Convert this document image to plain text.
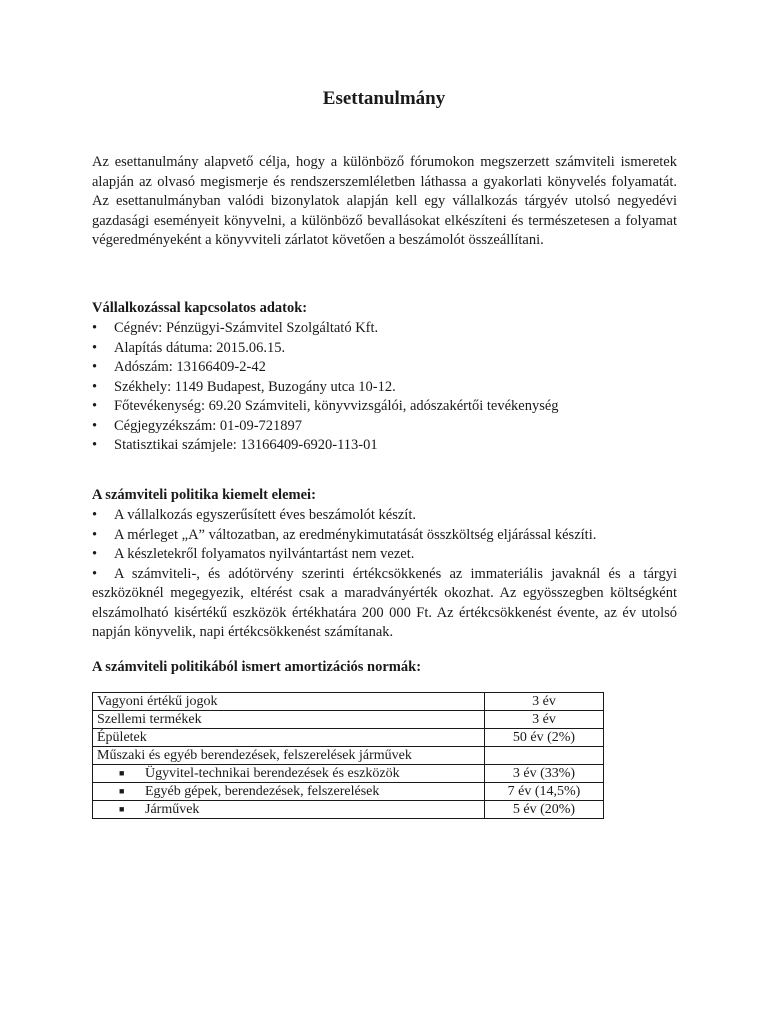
Esettanulmány

Az esettanulmány alapvető célja, hogy a különböző fórumokon megszerzett számviteli ismeretek alapján az olvasó megismerje és rendszerszemléletben láthassa a gyakorlati könyvelés folyamatát. Az esettanulmányban valódi bizonylatok alapján kell egy vállalkozás tárgyév utolsó negyedévi gazdasági eseményeit könyvelni, a különböző bevallásokat elkészíteni és természetesen a folyamat végeredményeként a könyvviteli zárlatot követően a beszámolót összeállítani.

Vállalkozással kapcsolatos adatok:

• Cégnév: Pénzügyi-Számvitel Szolgáltató Kft.
• Alapítás dátuma: 2015.06.15.
• Adószám: 13166409-2-42
• Székhely: 1149 Budapest, Buzogány utca 10-12.
• Főtevékenység: 69.20 Számviteli, könyvvizsgálói, adószakértői tevékenység
• Cégjegyzékszám: 01-09-721897
• Statisztikai számjele: 13166409-6920-113-01

A számviteli politika kiemelt elemei:

• A vállalkozás egyszerűsített éves beszámolót készít.
• A mérleget „A” változatban, az eredménykimutatását összköltség eljárással készíti.
• A készletekről folyamatos nyilvántartást nem vezet.
• A számviteli-, és adótörvény szerinti értékcsökkenés az immateriális javaknál és a tárgyi eszközöknél megegyezik, eltérést csak a maradványérték okozhat. Az egyösszegben költségként elszámolható kisértékű eszközök értékhatára 200 000 Ft. Az értékcsökkenést évente, az év utolsó napján könyvelik, napi értékcsökkenést számítanak.

A számviteli politikából ismert amortizációs normák:

Vagyoni értékű jogok	3 év
Szellemi termékek	3 év
Épületek	50 év (2%)
Műszaki és egyéb berendezések, felszerelések járművek	
■ Ügyvitel-technikai berendezések és eszközök	3 év (33%)
■ Egyéb gépek, berendezések, felszerelések	7 év (14,5%)
■ Járművek	5 év (20%)
